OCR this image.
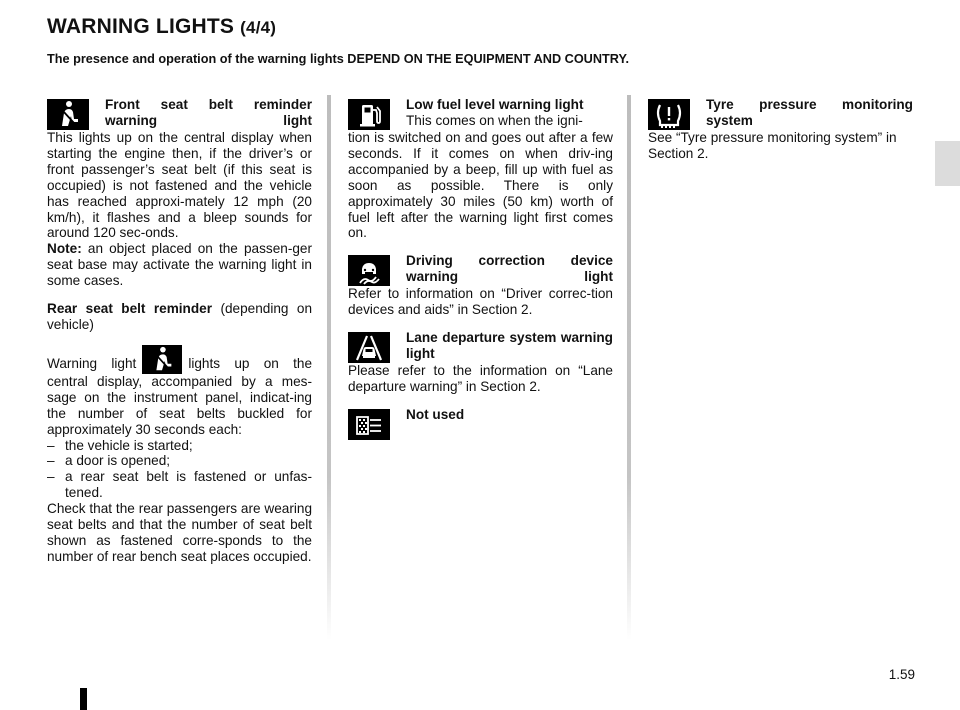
WARNING LIGHTS (4/4)
The presence and operation of the warning lights DEPEND ON THE EQUIPMENT AND COUNTRY.
Front seat belt reminder warning light

This lights up on the central display when starting the engine then, if the driver’s or front passenger’s seat belt (if this seat is occupied) is not fastened and the vehicle has reached approxi-mately 12 mph (20 km/h), it flashes and a bleep sounds for around 120 sec-onds.

Note: an object placed on the passen-ger seat base may activate the warning light in some cases.

Rear seat belt reminder (depending on vehicle)

Warning light	lights up on the central display, accompanied by a mes-sage on the instrument panel, indicat-ing the number of seat belts buckled for approximately 30 seconds each:

– the vehicle is started;
– a door is opened;
– a rear seat belt is fastened or unfas-tened.

Check that the rear passengers are wearing seat belts and that the number of seat belt shown as fastened corre-sponds to the number of rear bench seat places occupied.

Low fuel level warning light
This comes on when the igni-

tion is switched on and goes out after a few seconds. If it comes on when driv-ing accompanied by a beep, fill up with fuel as soon as possible. There is only approximately 30 miles (50 km) worth of fuel left after the warning light first comes on.

Driving correction device warning light

Refer to information on “Driver correc-tion devices and aids” in Section 2.

Lane departure system warning light

Please refer to the information on “Lane departure warning” in Section 2.

Not used
Tyre pressure monitoring system

See “Tyre pressure monitoring system” in Section 2.

1.59
